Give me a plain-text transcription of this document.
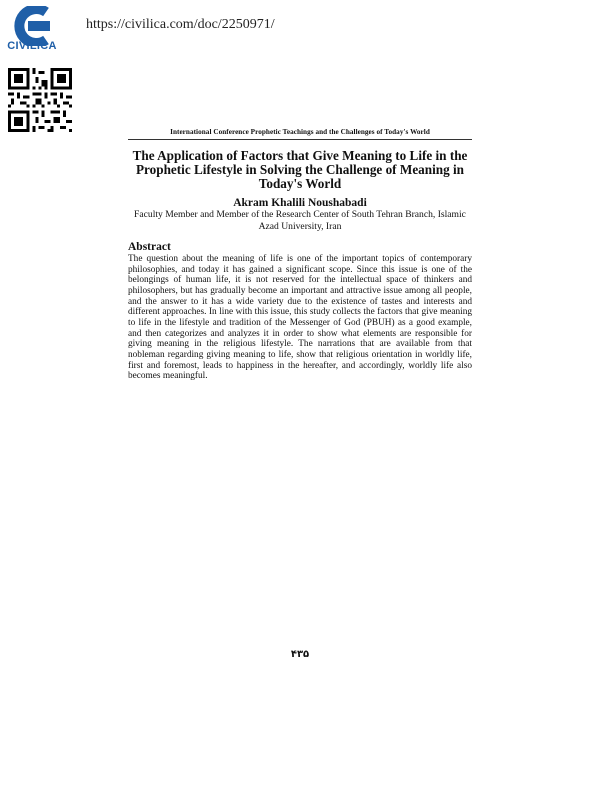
CIVILICA
https://civilica.com/doc/2250971/
International Conference Prophetic Teachings and the Challenges of Today's World
The Application of Factors that Give Meaning to Life in the Prophetic Lifestyle in Solving the Challenge of Meaning in Today's World
Akram Khalili Noushabadi
Faculty Member and Member of the Research Center of South Tehran Branch, Islamic Azad University, Iran
Abstract
The question about the meaning of life is one of the important topics of contemporary philosophies, and today it has gained a significant scope. Since this issue is one of the belongings of human life, it is not reserved for the intellectual space of thinkers and philosophers, but has gradually become an important and attractive issue among all people, and the answer to it has a wide variety due to the existence of tastes and interests and different approaches. In line with this issue, this study collects the factors that give meaning to life in the lifestyle and tradition of the Messenger of God (PBUH) as a good example, and then categorizes and analyzes it in order to show what elements are responsible for giving meaning in the religious lifestyle. The narrations that are available from that nobleman regarding giving meaning to life, show that religious orientation in worldly life, first and foremost, leads to happiness in the hereafter, and accordingly, worldly life also becomes meaningful.
۴۳۵
